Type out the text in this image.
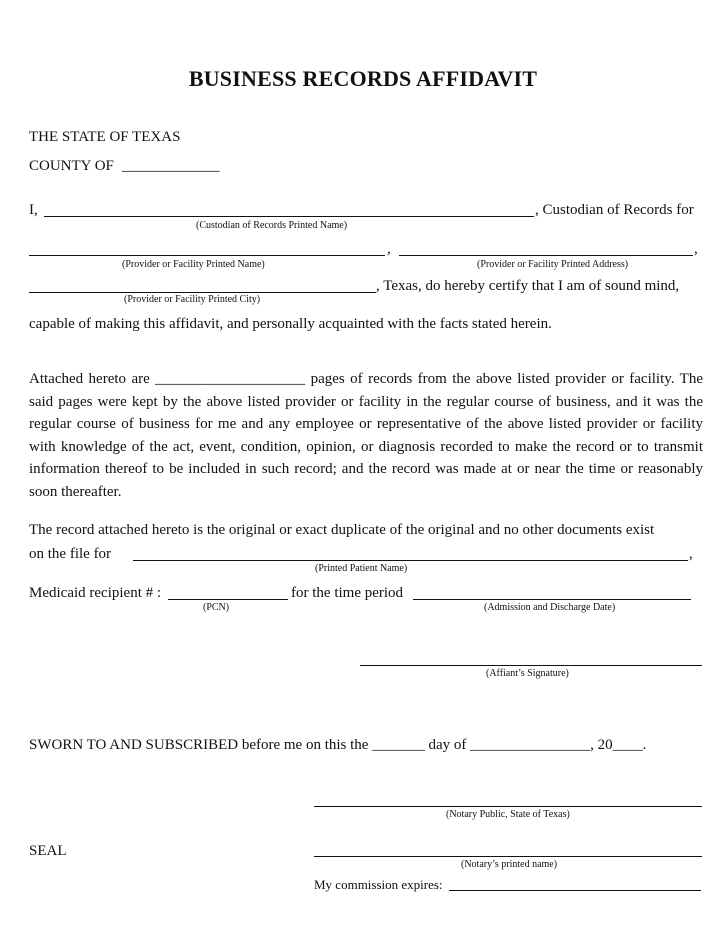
BUSINESS RECORDS AFFIDAVIT
THE STATE OF TEXAS
COUNTY OF _____________
I,	, Custodian of Records for
(Custodian of Records Printed Name)
,	,
(Provider or Facility Printed Name)	(Provider or Facility Printed Address)
, Texas, do hereby certify that I am of sound mind,
(Provider or Facility Printed City)
capable of making this affidavit, and personally acquainted with the facts stated herein.
Attached hereto are ____________________ pages of records from the above listed provider or facility. The said pages were kept by the above listed provider or facility in the regular course of business, and it was the regular course of business for me and any employee or representative of the above listed provider or facility with knowledge of the act, event, condition, opinion, or diagnosis recorded to make the record or to transmit information thereof to be included in such record; and the record was made at or near the time or reasonably soon thereafter.
The record attached hereto is the original or exact duplicate of the original and no other documents exist
on the file for	,
(Printed Patient Name)
Medicaid recipient # :	for the time period
(PCN)	(Admission and Discharge Date)
(Affiant’s Signature)
SWORN TO AND SUBSCRIBED before me on this the _______ day of ________________, 20____.
(Notary Public, State of Texas)
SEAL
(Notary’s printed name)
My commission expires:
